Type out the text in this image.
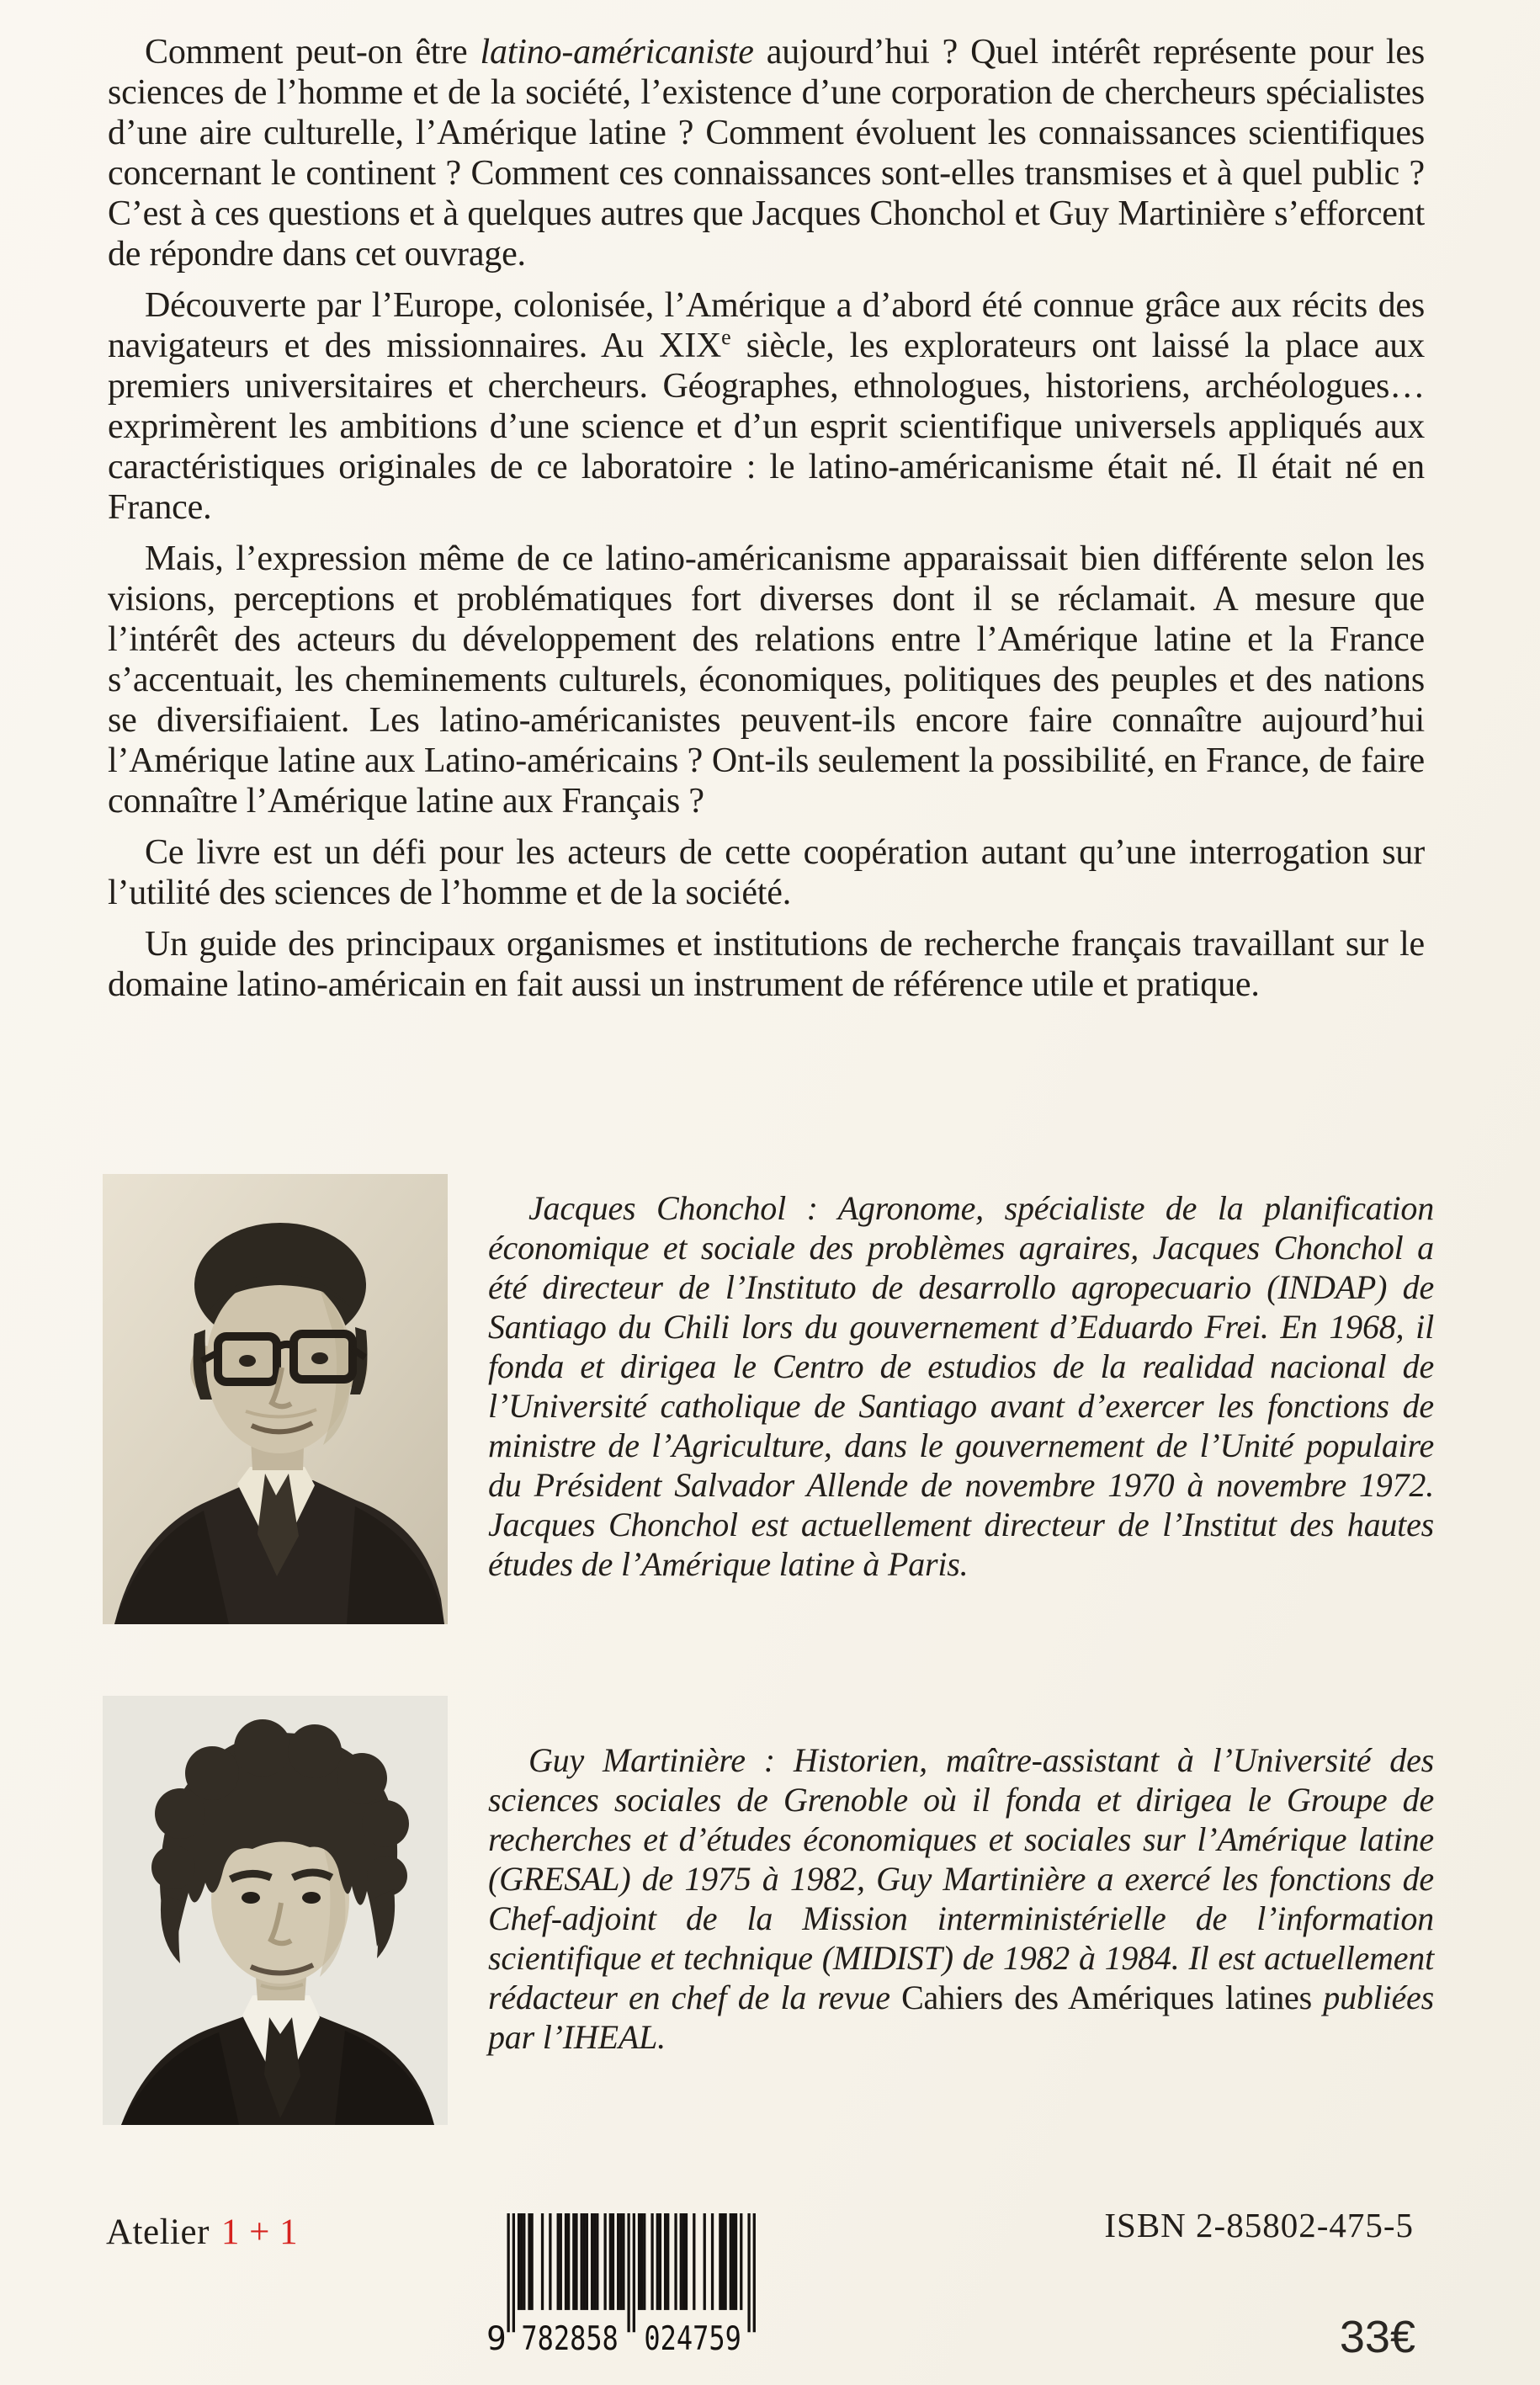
Comment peut-on être latino-américaniste aujourd’hui ? Quel intérêt représente pour les sciences de l’homme et de la société, l’existence d’une corporation de chercheurs spécialistes d’une aire culturelle, l’Amérique latine ? Comment évoluent les connaissances scientifiques concernant le continent ? Comment ces connaissances sont-elles transmises et à quel public ? C’est à ces questions et à quelques autres que Jacques Chonchol et Guy Martinière s’efforcent de répondre dans cet ouvrage.

Découverte par l’Europe, colonisée, l’Amérique a d’abord été connue grâce aux récits des navigateurs et des missionnaires. Au XIXe siècle, les explorateurs ont laissé la place aux premiers universitaires et chercheurs. Géographes, ethnologues, historiens, archéologues… exprimèrent les ambitions d’une science et d’un esprit scientifique universels appliqués aux caractéristiques originales de ce laboratoire : le latino-américanisme était né. Il était né en France.

Mais, l’expression même de ce latino-américanisme apparaissait bien différente selon les visions, perceptions et problématiques fort diverses dont il se réclamait. A mesure que l’intérêt des acteurs du développement des relations entre l’Amérique latine et la France s’accentuait, les cheminements culturels, économiques, politiques des peuples et des nations se diversifiaient. Les latino-américanistes peuvent-ils encore faire connaître aujourd’hui l’Amérique latine aux Latino-américains ? Ont-ils seulement la possibilité, en France, de faire connaître l’Amérique latine aux Français ?

Ce livre est un défi pour les acteurs de cette coopération autant qu’une interrogation sur l’utilité des sciences de l’homme et de la société.

Un guide des principaux organismes et institutions de recherche français travaillant sur le domaine latino-américain en fait aussi un instrument de référence utile et pratique.

Jacques Chonchol : Agronome, spécialiste de la planification économique et sociale des problèmes agraires, Jacques Chonchol a été directeur de l’Instituto de desarrollo agropecuario (INDAP) de Santiago du Chili lors du gouvernement d’Eduardo Frei. En 1968, il fonda et dirigea le Centro de estudios de la realidad nacional de l’Université catholique de Santiago avant d’exercer les fonctions de ministre de l’Agriculture, dans le gouvernement de l’Unité populaire du Président Salvador Allende de novembre 1970 à novembre 1972. Jacques Chonchol est actuellement directeur de l’Institut des hautes études de l’Amérique latine à Paris.

Guy Martinière : Historien, maître-assistant à l’Université des sciences sociales de Grenoble où il fonda et dirigea le Groupe de recherches et d’études économiques et sociales sur l’Amérique latine (GRESAL) de 1975 à 1982, Guy Martinière a exercé les fonctions de Chef-adjoint de la Mission interministérielle de l’information scientifique et technique (MIDIST) de 1982 à 1984. Il est actuellement rédacteur en chef de la revue Cahiers des Amériques latines publiées par l’IHEAL.

Atelier 1 + 1
9 782858 024759
ISBN 2-85802-475-5
33€
